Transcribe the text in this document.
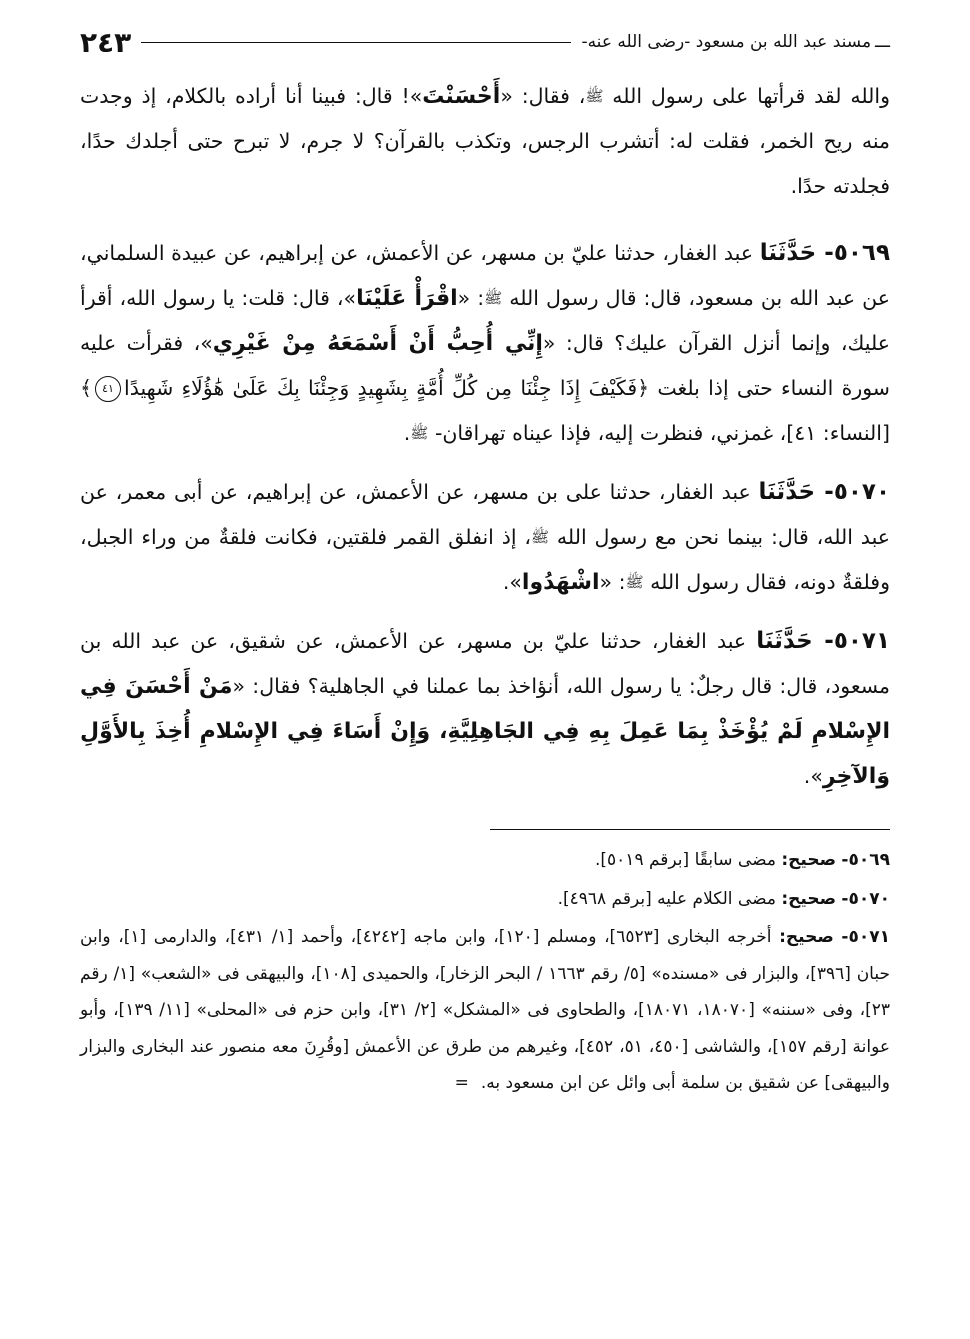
ـــ
مسند عبد الله بن مسعود -رضى الله عنه-
٢٤٣

والله لقد قرأتها على رسول الله ﷺ، فقال: «أَحْسَنْتَ»! قال: فبينا أنا أراده بالكلام، إذ وجدت منه ريح الخمر، فقلت له: أتشرب الرجس، وتكذب بالقرآن؟ لا جرم، لا تبرح حتى أجلدك حدًا، فجلدته حدًا.

٥٠٦٩- حَدَّثَنَا عبد الغفار، حدثنا عليّ بن مسهر، عن الأعمش، عن إبراهيم، عن عبيدة السلماني، عن عبد الله بن مسعود، قال: قال رسول الله ﷺ: «اقْرَأْ عَلَيْنَا»، قال: قلت: يا رسول الله، أقرأ عليك، وإنما أنزل القرآن عليك؟ قال: «إِنِّي أُحِبُّ أَنْ أَسْمَعَهُ مِنْ غَيْرِي»، فقرأت عليه سورة النساء حتى إذا بلغت ﴿فَكَيْفَ إِذَا جِئْنَا مِن كُلِّ أُمَّةٍ بِشَهِيدٍ وَجِئْنَا بِكَ عَلَىٰ هَٰؤُلَاءِ شَهِيدًا٤١﴾ [النساء: ٤١]، غمزني، فنظرت إليه، فإذا عيناه تهراقان- ﷺ.

٥٠٧٠- حَدَّثَنَا عبد الغفار، حدثنا على بن مسهر، عن الأعمش، عن إبراهيم، عن أبى معمر، عن عبد الله، قال: بينما نحن مع رسول الله ﷺ، إذ انفلق القمر فلقتين، فكانت فلقةٌ من وراء الجبل، وفلقةٌ دونه، فقال رسول الله ﷺ: «اشْهَدُوا».

٥٠٧١- حَدَّثَنَا عبد الغفار، حدثنا عليّ بن مسهر، عن الأعمش، عن شقيق، عن عبد الله بن مسعود، قال: قال رجلٌ: يا رسول الله، أنؤاخذ بما عملنا في الجاهلية؟ فقال: «مَنْ أَحْسَنَ فِي الإِسْلامِ لَمْ يُؤْخَذْ بِمَا عَمِلَ بِهِ فِي الجَاهِلِيَّةِ، وَإِنْ أَسَاءَ فِي الإِسْلامِ أُخِذَ بِالأَوَّلِ وَالآخِرِ».

٥٠٦٩- صحيح: مضى سابقًا [برقم ٥٠١٩].

٥٠٧٠- صحيح: مضى الكلام عليه [برقم ٤٩٦٨].

٥٠٧١- صحيح: أخرجه البخارى [٦٥٢٣]، ومسلم [١٢٠]، وابن ماجه [٤٢٤٢]، وأحمد [١/ ٤٣١]، والدارمى [١]، وابن حبان [٣٩٦]، والبزار فى «مسنده» [٥/ رقم ١٦٦٣ / البحر الزخار]، والحميدى [١٠٨]، والبيهقى فى «الشعب» [١/ رقم ٢٣]، وفى «سننه» [١٨٠٧٠، ١٨٠٧١]، والطحاوى فى «المشكل» [٢/ ٣١]، وابن حزم فى «المحلى» [١١/ ١٣٩]، وأبو عوانة [رقم ١٥٧]، والشاشى [٤٥٠، ٥١، ٤٥٢]، وغيرهم من طرق عن الأعمش [وقُرِنَ معه منصور عند البخارى والبزار والبيهقى] عن شقيق بن سلمة أبى وائل عن ابن مسعود به.=
